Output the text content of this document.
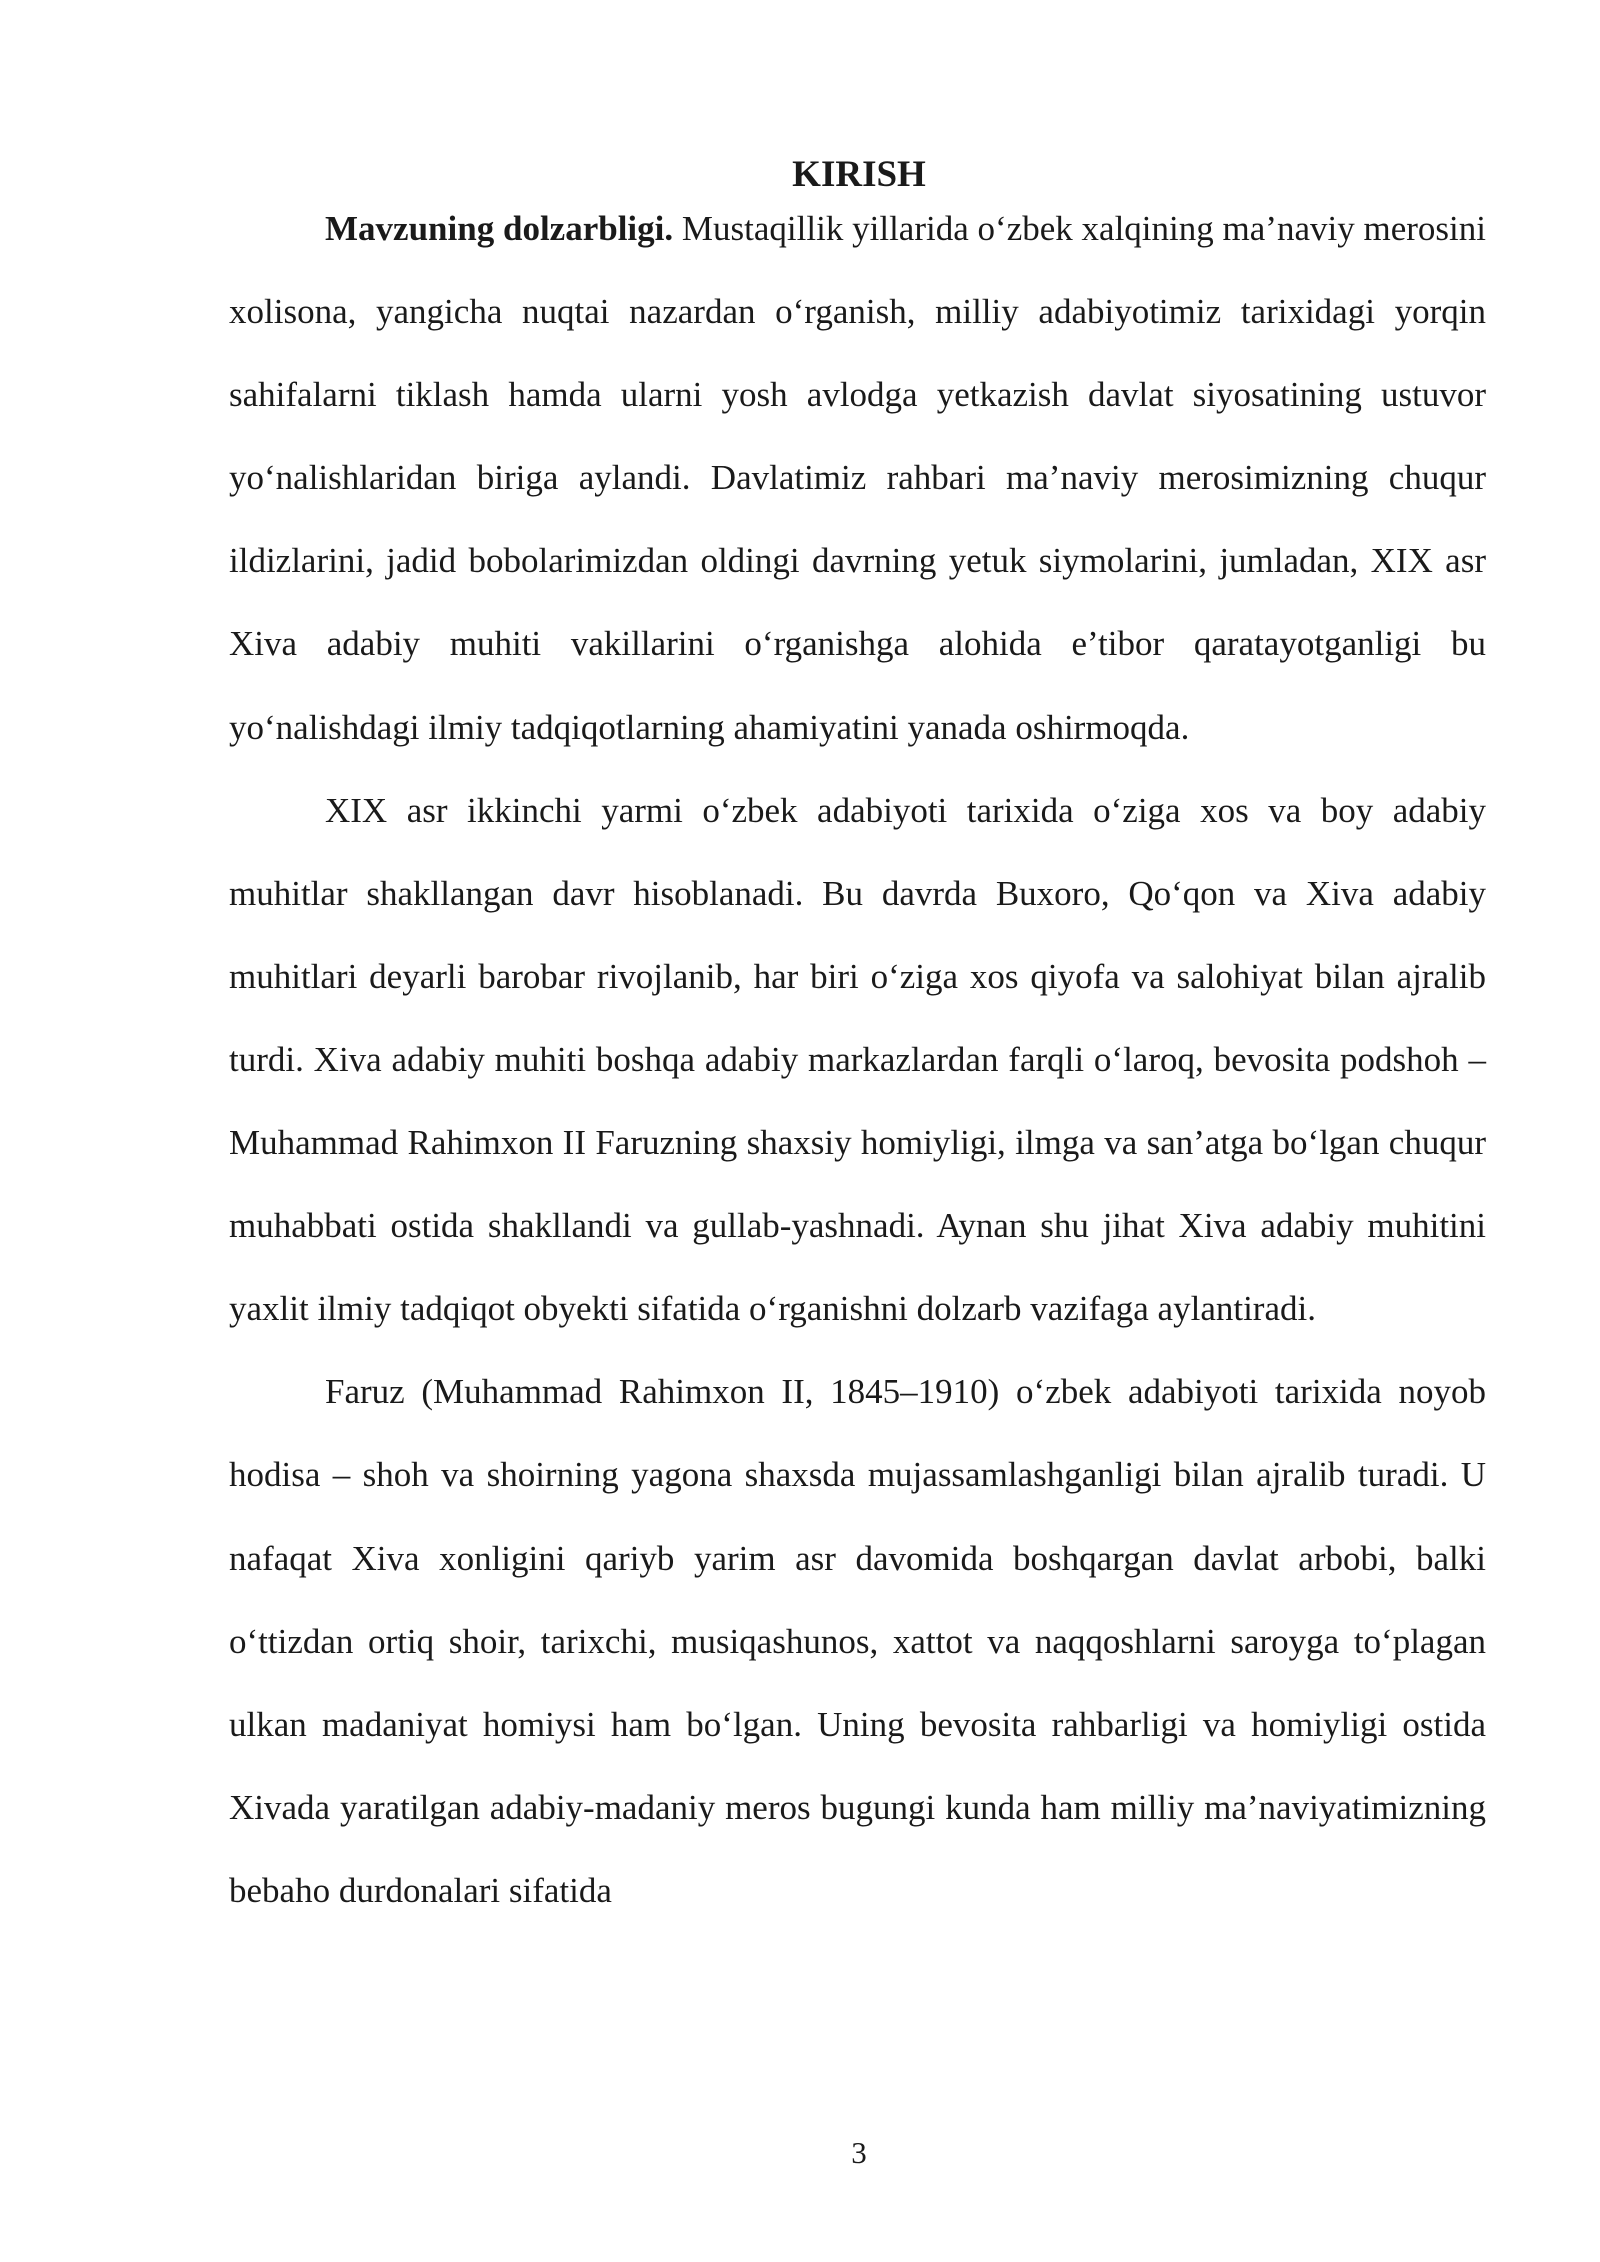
KIRISH

Mavzuning dolzarbligi. Mustaqillik yillarida o‘zbek xalqining ma’naviy merosini xolisona, yangicha nuqtai nazardan o‘rganish, milliy adabiyotimiz tarixidagi yorqin sahifalarni tiklash hamda ularni yosh avlodga yetkazish davlat siyosatining ustuvor yo‘nalishlaridan biriga aylandi. Davlatimiz rahbari ma’naviy merosimizning chuqur ildizlarini, jadid bobolarimizdan oldingi davrning yetuk siymolarini, jumladan, XIX asr Xiva adabiy muhiti vakillarini o‘rganishga alohida e’tibor qaratayotganligi bu yo‘nalishdagi ilmiy tadqiqotlarning ahamiyatini yanada oshirmoqda.

XIX asr ikkinchi yarmi o‘zbek adabiyoti tarixida o‘ziga xos va boy adabiy muhitlar shakllangan davr hisoblanadi. Bu davrda Buxoro, Qo‘qon va Xiva adabiy muhitlari deyarli barobar rivojlanib, har biri o‘ziga xos qiyofa va salohiyat bilan ajralib turdi. Xiva adabiy muhiti boshqa adabiy markazlardan farqli o‘laroq, bevosita podshoh – Muhammad Rahimxon II Faruzning shaxsiy homiyligi, ilmga va san’atga bo‘lgan chuqur muhabbati ostida shakllandi va gullab-yashnadi. Aynan shu jihat Xiva adabiy muhitini yaxlit ilmiy tadqiqot obyekti sifatida o‘rganishni dolzarb vazifaga aylantiradi.

Faruz (Muhammad Rahimxon II, 1845–1910) o‘zbek adabiyoti tarixida noyob hodisa – shoh va shoirning yagona shaxsda mujassamlashganligi bilan ajralib turadi. U nafaqat Xiva xonligini qariyb yarim asr davomida boshqargan davlat arbobi, balki o‘ttizdan ortiq shoir, tarixchi, musiqashunos, xattot va naqqoshlarni saroyga to‘plagan ulkan madaniyat homiysi ham bo‘lgan. Uning bevosita rahbarligi va homiyligi ostida Xivada yaratilgan adabiy-madaniy meros bugungi kunda ham milliy ma’naviyatimizning bebaho durdonalari sifatida

3
